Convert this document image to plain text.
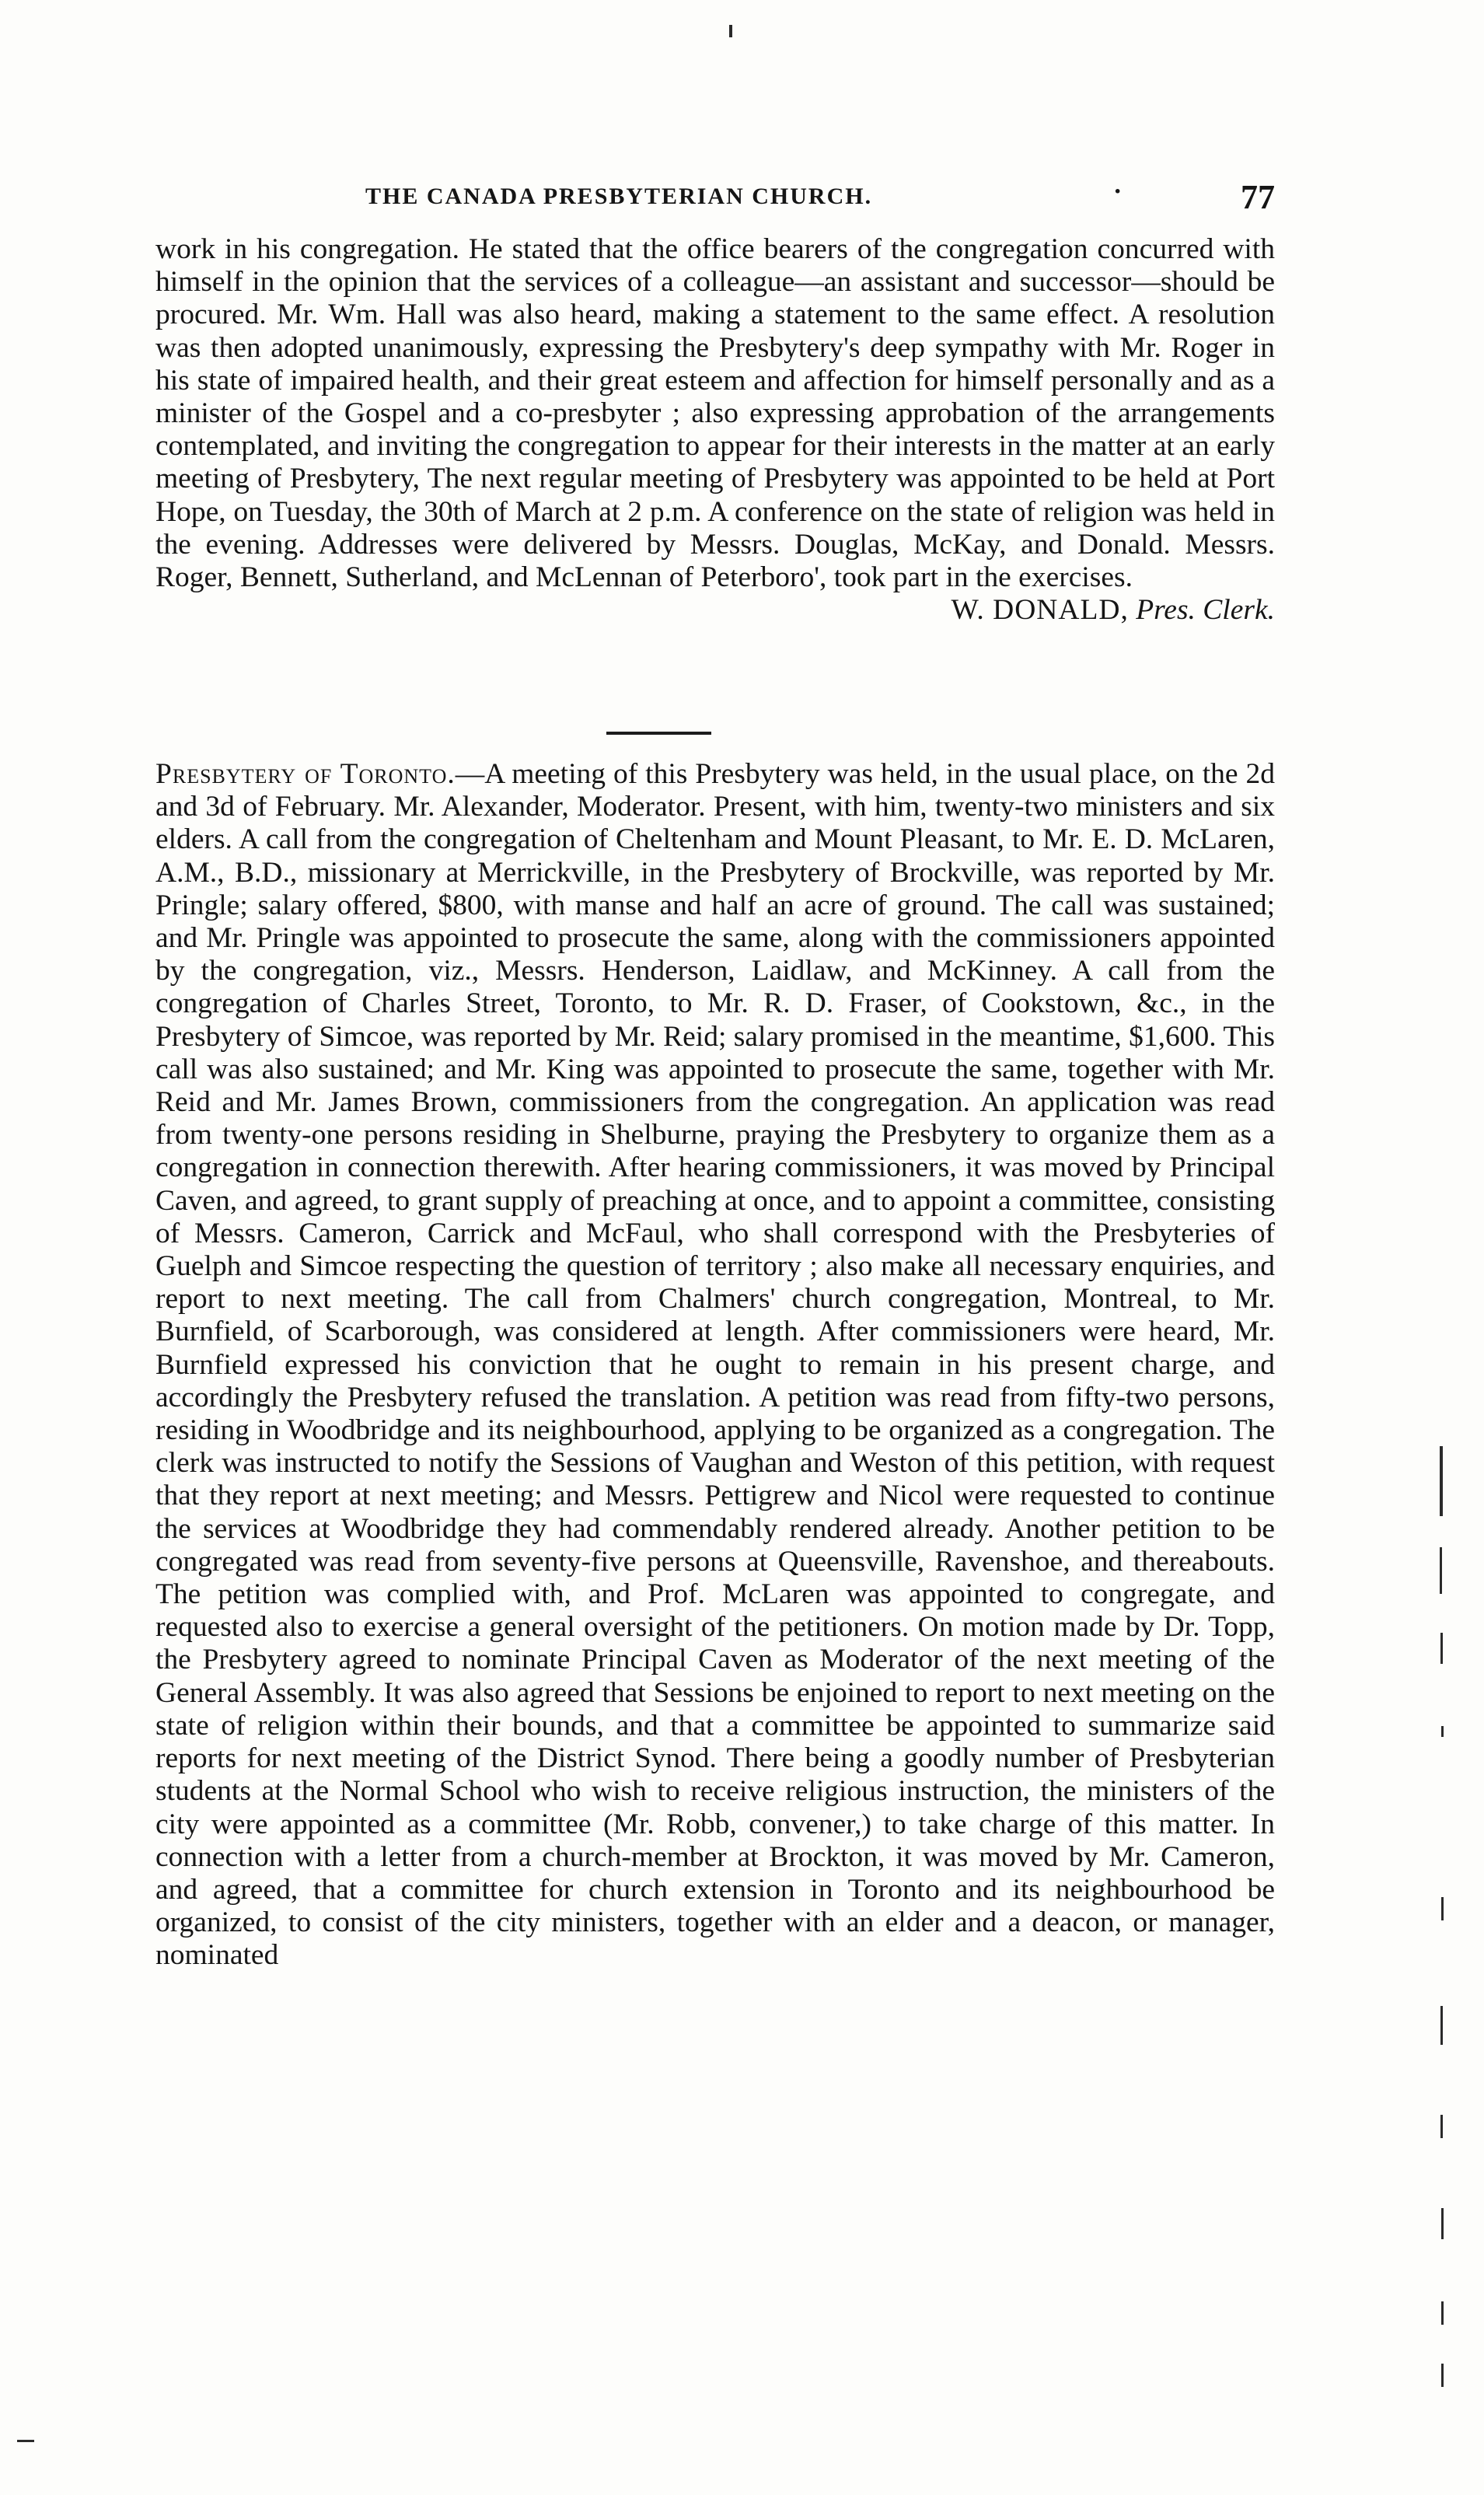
THE CANADA PRESBYTERIAN CHURCH.	·	77

work in his congregation. He stated that the office bearers of the congregation concurred with himself in the opinion that the services of a colleague—an assistant and successor—should be procured. Mr. Wm. Hall was also heard, making a statement to the same effect. A resolution was then adopted unanimously, expressing the Presbytery's deep sympathy with Mr. Roger in his state of impaired health, and their great esteem and affection for himself personally and as a minister of the Gospel and a co-presbyter ; also expressing approbation of the arrangements contemplated, and inviting the congregation to appear for their interests in the matter at an early meeting of Presbytery, The next regular meeting of Presbytery was appointed to be held at Port Hope, on Tuesday, the 30th of March at 2 p.m. A conference on the state of religion was held in the evening. Addresses were delivered by Messrs. Douglas, McKay, and Donald. Messrs. Roger, Bennett, Sutherland, and McLennan of Peterboro', took part in the exercises.
W. DONALD, Pres. Clerk.

Presbytery of Toronto.—A meeting of this Presbytery was held, in the usual place, on the 2d and 3d of February. Mr. Alexander, Moderator. Present, with him, twenty-two ministers and six elders. A call from the congregation of Cheltenham and Mount Pleasant, to Mr. E. D. McLaren, A.M., B.D., missionary at Merrickville, in the Presbytery of Brockville, was reported by Mr. Pringle; salary offered, $800, with manse and half an acre of ground. The call was sustained; and Mr. Pringle was appointed to prosecute the same, along with the commissioners appointed by the congregation, viz., Messrs. Henderson, Laidlaw, and McKinney. A call from the congregation of Charles Street, Toronto, to Mr. R. D. Fraser, of Cookstown, &c., in the Presbytery of Simcoe, was reported by Mr. Reid; salary promised in the meantime, $1,600. This call was also sustained; and Mr. King was appointed to prosecute the same, together with Mr. Reid and Mr. James Brown, commissioners from the congregation. An application was read from twenty-one persons residing in Shelburne, praying the Presbytery to organize them as a congregation in connection therewith. After hearing commissioners, it was moved by Principal Caven, and agreed, to grant supply of preaching at once, and to appoint a committee, consisting of Messrs. Cameron, Carrick and McFaul, who shall correspond with the Presbyteries of Guelph and Simcoe respecting the question of territory ; also make all necessary enquiries, and report to next meeting. The call from Chalmers' church congregation, Montreal, to Mr. Burnfield, of Scarborough, was considered at length. After commissioners were heard, Mr. Burnfield expressed his conviction that he ought to remain in his present charge, and accordingly the Presbytery refused the translation. A petition was read from fifty-two persons, residing in Woodbridge and its neighbourhood, applying to be organized as a congregation. The clerk was instructed to notify the Sessions of Vaughan and Weston of this petition, with request that they report at next meeting; and Messrs. Pettigrew and Nicol were requested to continue the services at Woodbridge they had commendably rendered already. Another petition to be congregated was read from seventy-five persons at Queensville, Ravenshoe, and thereabouts. The petition was complied with, and Prof. McLaren was appointed to congregate, and requested also to exercise a general oversight of the petitioners. On motion made by Dr. Topp, the Presbytery agreed to nominate Principal Caven as Moderator of the next meeting of the General Assembly. It was also agreed that Sessions be enjoined to report to next meeting on the state of religion within their bounds, and that a committee be appointed to summarize said reports for next meeting of the District Synod. There being a goodly number of Presbyterian students at the Normal School who wish to receive religious instruction, the ministers of the city were appointed as a committee (Mr. Robb, convener,) to take charge of this matter. In connection with a letter from a church-member at Brockton, it was moved by Mr. Cameron, and agreed, that a committee for church extension in Toronto and its neighbourhood be organized, to consist of the city ministers, together with an elder and a deacon, or manager, nominated
